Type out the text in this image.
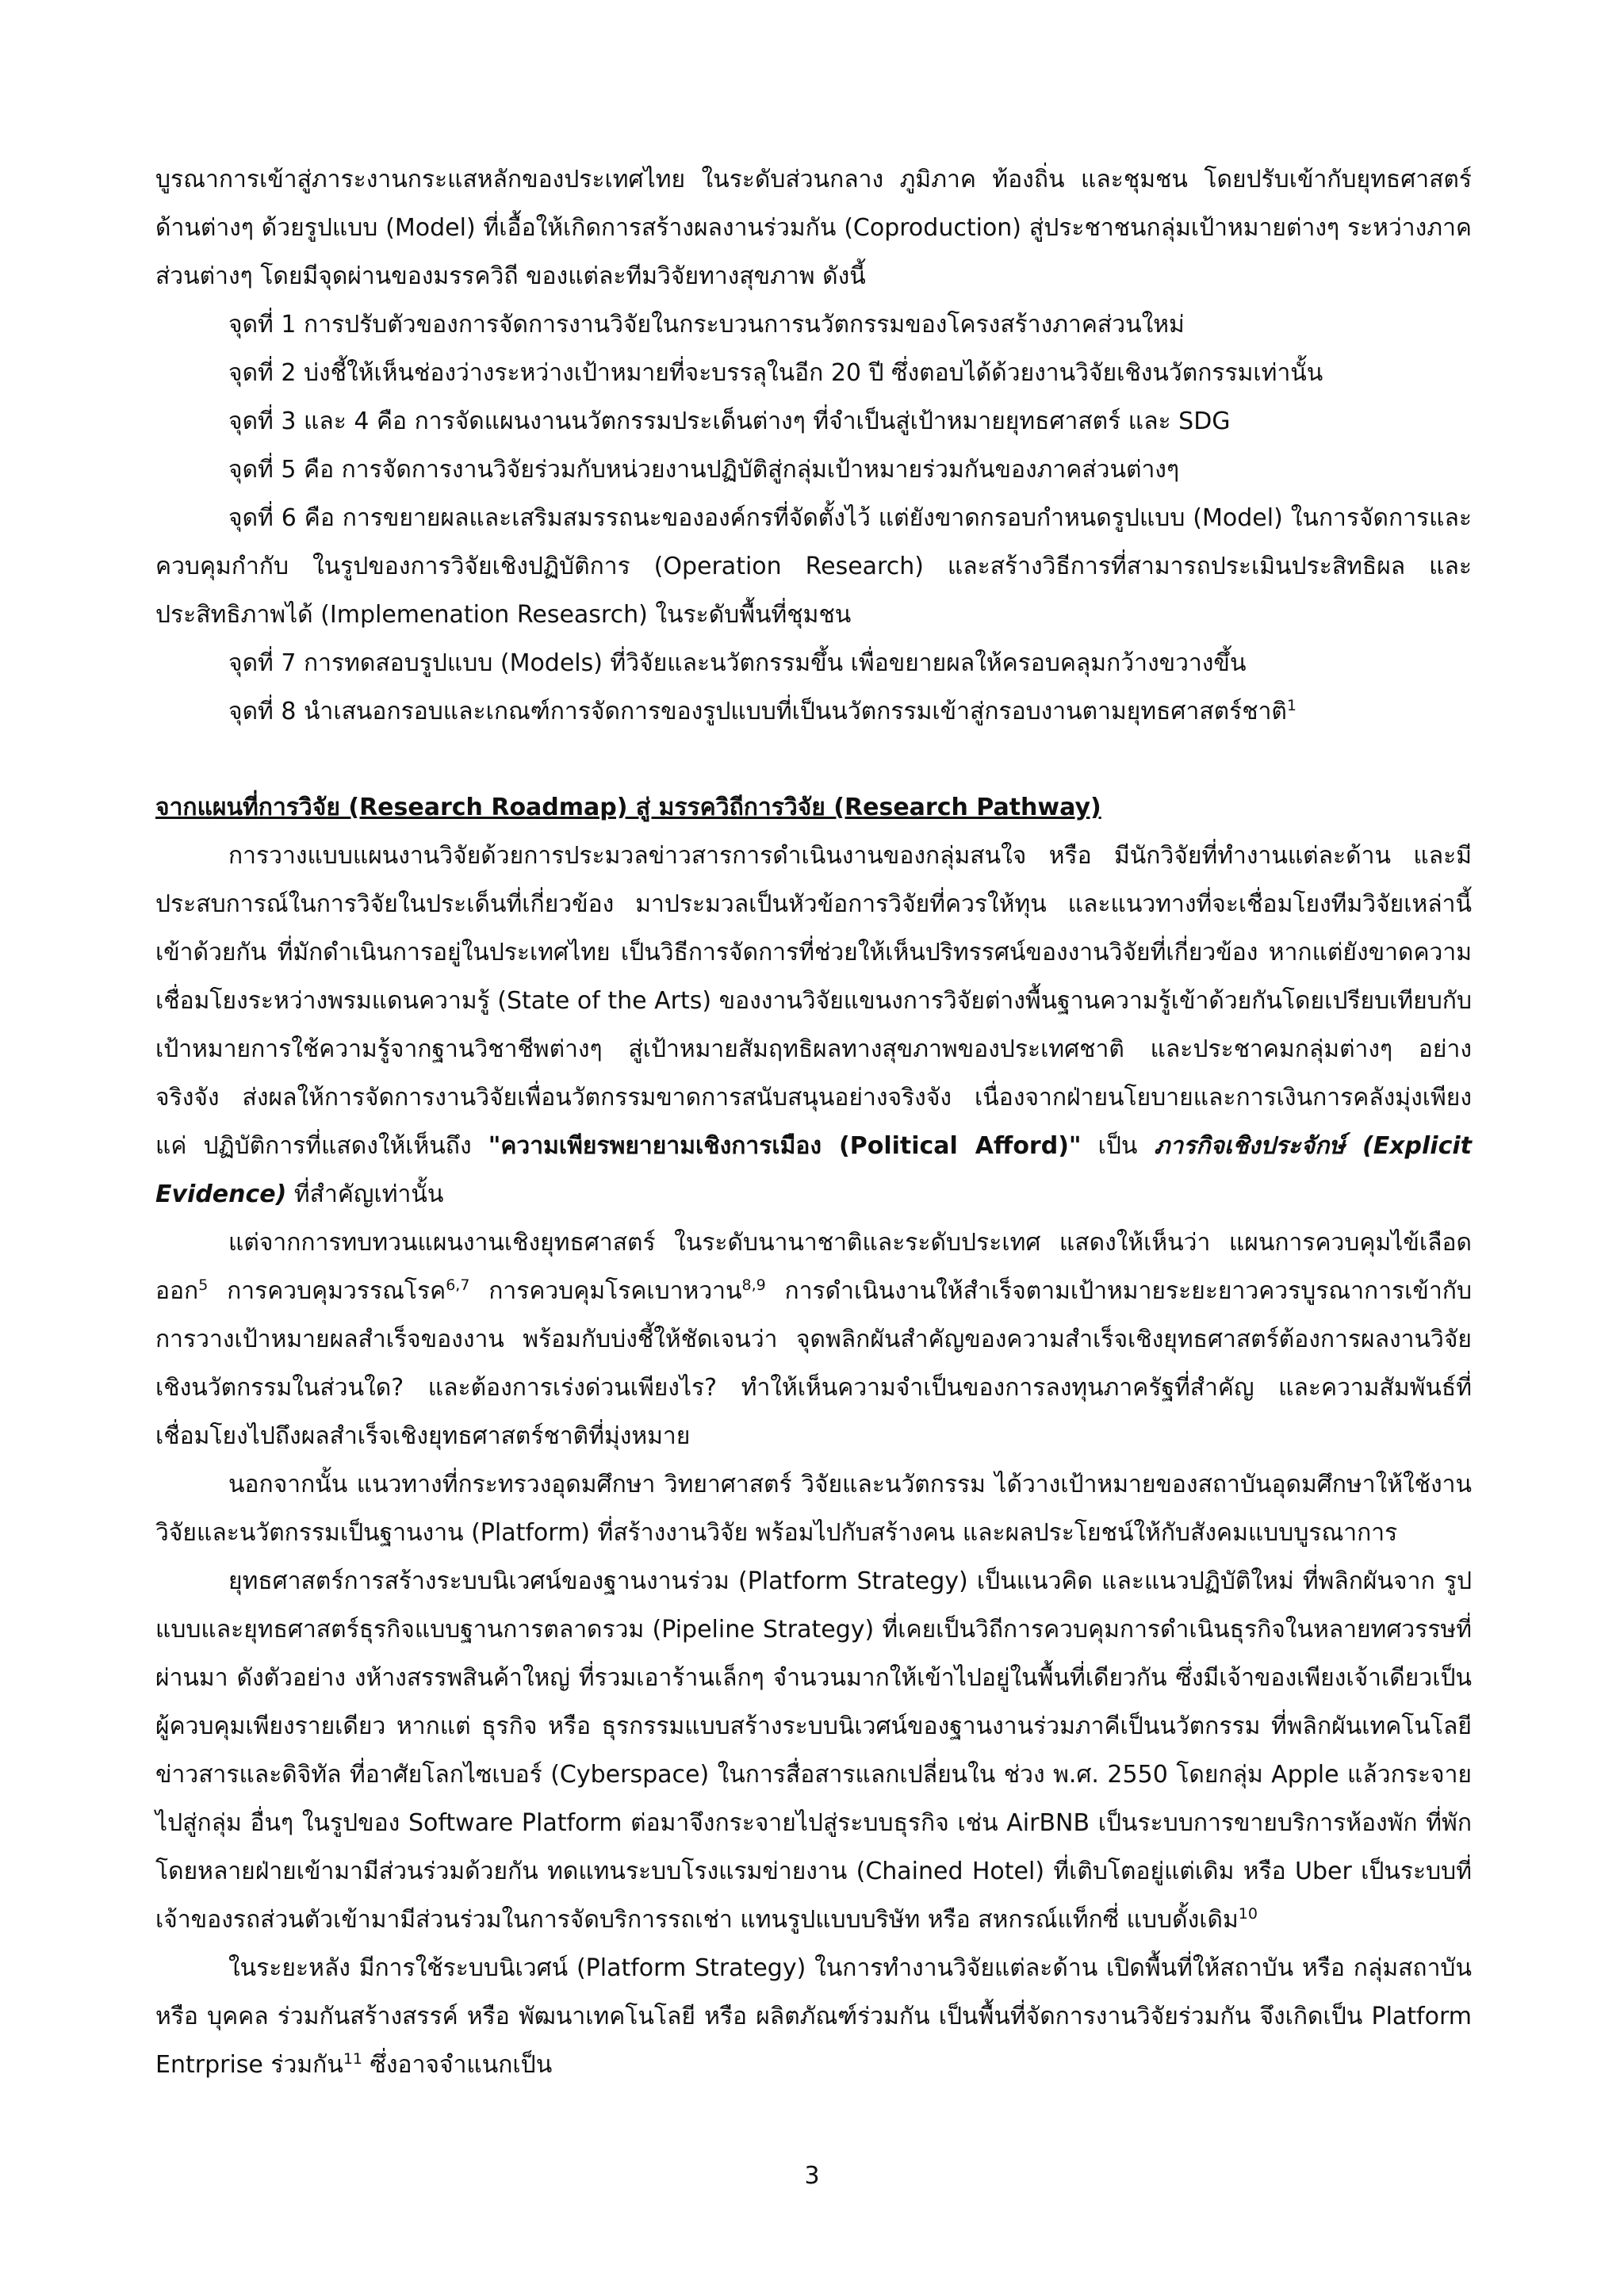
บูรณาการเข้าสู่ภาระงานกระแสหลักของประเทศไทย ในระดับส่วนกลาง ภูมิภาค ท้องถิ่น และชุมชน โดยปรับเข้ากับยุทธศาสตร์ด้านต่างๆ ด้วยรูปแบบ (Model) ที่เอื้อให้เกิดการสร้างผลงานร่วมกัน (Coproduction) สู่ประชาชนกลุ่มเป้าหมายต่างๆ ระหว่างภาคส่วนต่างๆ โดยมีจุดผ่านของมรรควิถี ของแต่ละทีมวิจัยทางสุขภาพ ดังนี้

จุดที่ 1 การปรับตัวของการจัดการงานวิจัยในกระบวนการนวัตกรรมของโครงสร้างภาคส่วนใหม่

จุดที่ 2 บ่งชี้ให้เห็นช่องว่างระหว่างเป้าหมายที่จะบรรลุในอีก 20 ปี ซึ่งตอบได้ด้วยงานวิจัยเชิงนวัตกรรมเท่านั้น

จุดที่ 3 และ 4 คือ การจัดแผนงานนวัตกรรมประเด็นต่างๆ ที่จำเป็นสู่เป้าหมายยุทธศาสตร์ และ SDG

จุดที่ 5 คือ การจัดการงานวิจัยร่วมกับหน่วยงานปฏิบัติสู่กลุ่มเป้าหมายร่วมกันของภาคส่วนต่างๆ

จุดที่ 6 คือ การขยายผลและเสริมสมรรถนะขององค์กรที่จัดตั้งไว้ แต่ยังขาดกรอบกำหนดรูปแบบ (Model) ในการจัดการและควบคุมกำกับ ในรูปของการวิจัยเชิงปฏิบัติการ (Operation Research) และสร้างวิธีการที่สามารถประเมินประสิทธิผล และประสิทธิภาพได้ (Implemenation Reseasrch) ในระดับพื้นที่ชุมชน

จุดที่ 7 การทดสอบรูปแบบ (Models) ที่วิจัยและนวัตกรรมขึ้น เพื่อขยายผลให้ครอบคลุมกว้างขวางขึ้น

จุดที่ 8 นำเสนอกรอบและเกณฑ์การจัดการของรูปแบบที่เป็นนวัตกรรมเข้าสู่กรอบงานตามยุทธศาสตร์ชาติ$^1$

จากแผนที่การวิจัย (Research Roadmap) สู่ มรรควิถีการวิจัย (Research Pathway)

การวางแบบแผนงานวิจัยด้วยการประมวลข่าวสารการดำเนินงานของกลุ่มสนใจ หรือ มีนักวิจัยที่ทำงานแต่ละด้าน และมีประสบการณ์ในการวิจัยในประเด็นที่เกี่ยวข้อง มาประมวลเป็นหัวข้อการวิจัยที่ควรให้ทุน และแนวทางที่จะเชื่อมโยงทีมวิจัยเหล่านี้เข้าด้วยกัน ที่มักดำเนินการอยู่ในประเทศไทย เป็นวิธีการจัดการที่ช่วยให้เห็นปริทรรศน์ของงานวิจัยที่เกี่ยวข้อง หากแต่ยังขาดความเชื่อมโยงระหว่างพรมแดนความรู้ (State of the Arts) ของงานวิจัยแขนงการวิจัยต่างพื้นฐานความรู้เข้าด้วยกันโดยเปรียบเทียบกับเป้าหมายการใช้ความรู้จากฐานวิชาชีพต่างๆ สู่เป้าหมายสัมฤทธิผลทางสุขภาพของประเทศชาติ และประชาคมกลุ่มต่างๆ อย่างจริงจัง ส่งผลให้การจัดการงานวิจัยเพื่อนวัตกรรมขาดการสนับสนุนอย่างจริงจัง เนื่องจากฝ่ายนโยบายและการเงินการคลังมุ่งเพียงแค่ ปฏิบัติการที่แสดงให้เห็นถึง "ความเพียรพยายามเชิงการเมือง (Political Afford)" เป็น ภารกิจเชิงประจักษ์ (Explicit Evidence) ที่สำคัญเท่านั้น

แต่จากการทบทวนแผนงานเชิงยุทธศาสตร์ ในระดับนานาชาติและระดับประเทศ แสดงให้เห็นว่า แผนการควบคุมไข้เลือดออก$^5$ การควบคุมวรรณโรค$^{6,7}$ การควบคุมโรคเบาหวาน$^{8,9}$ การดำเนินงานให้สำเร็จตามเป้าหมายระยะยาวควรบูรณาการเข้ากับการวางเป้าหมายผลสำเร็จของงาน พร้อมกับบ่งชี้ให้ชัดเจนว่า จุดพลิกผันสำคัญของความสำเร็จเชิงยุทธศาสตร์ต้องการผลงานวิจัยเชิงนวัตกรรมในส่วนใด? และต้องการเร่งด่วนเพียงไร? ทำให้เห็นความจำเป็นของการลงทุนภาครัฐที่สำคัญ และความสัมพันธ์ที่เชื่อมโยงไปถึงผลสำเร็จเชิงยุทธศาสตร์ชาติที่มุ่งหมาย

นอกจากนั้น แนวทางที่กระทรวงอุดมศึกษา วิทยาศาสตร์ วิจัยและนวัตกรรม ได้วางเป้าหมายของสถาบันอุดมศึกษาให้ใช้งานวิจัยและนวัตกรรมเป็นฐานงาน (Platform) ที่สร้างงานวิจัย พร้อมไปกับสร้างคน และผลประโยชน์ให้กับสังคมแบบบูรณาการ

ยุทธศาสตร์การสร้างระบบนิเวศน์ของฐานงานร่วม (Platform Strategy) เป็นแนวคิด และแนวปฏิบัติใหม่ ที่พลิกผันจาก รูปแบบและยุทธศาสตร์ธุรกิจแบบฐานการตลาดรวม (Pipeline Strategy) ที่เคยเป็นวิถีการควบคุมการดำเนินธุรกิจในหลายทศวรรษที่ผ่านมา ดังตัวอย่าง งห้างสรรพสินค้าใหญ่ ที่รวมเอาร้านเล็กๆ จำนวนมากให้เข้าไปอยู่ในพื้นที่เดียวกัน ซึ่งมีเจ้าของเพียงเจ้าเดียวเป็นผู้ควบคุมเพียงรายเดียว หากแต่ ธุรกิจ หรือ ธุรกรรมแบบสร้างระบบนิเวศน์ของฐานงานร่วมภาคีเป็นนวัตกรรม ที่พลิกผันเทคโนโลยีข่าวสารและดิจิทัล ที่อาศัยโลกไซเบอร์ (Cyberspace) ในการสื่อสารแลกเปลี่ยนใน ช่วง พ.ศ. 2550 โดยกลุ่ม Apple แล้วกระจายไปสู่กลุ่ม อื่นๆ ในรูปของ Software Platform ต่อมาจึงกระจายไปสู่ระบบธุรกิจ เช่น AirBNB เป็นระบบการขายบริการห้องพัก ที่พัก โดยหลายฝ่ายเข้ามามีส่วนร่วมด้วยกัน ทดแทนระบบโรงแรมข่ายงาน (Chained Hotel) ที่เติบโตอยู่แต่เดิม หรือ Uber เป็นระบบที่เจ้าของรถส่วนตัวเข้ามามีส่วนร่วมในการจัดบริการรถเช่า แทนรูปแบบบริษัท หรือ สหกรณ์แท็กซี่ แบบดั้งเดิม$^{10}$

ในระยะหลัง มีการใช้ระบบนิเวศน์ (Platform Strategy) ในการทำงานวิจัยแต่ละด้าน เปิดพื้นที่ให้สถาบัน หรือ กลุ่มสถาบัน หรือ บุคคล ร่วมกันสร้างสรรค์ หรือ พัฒนาเทคโนโลยี หรือ ผลิตภัณฑ์ร่วมกัน เป็นพื้นที่จัดการงานวิจัยร่วมกัน จึงเกิดเป็น Platform Entrprise ร่วมกัน$^{11}$ ซึ่งอาจจำแนกเป็น

3
